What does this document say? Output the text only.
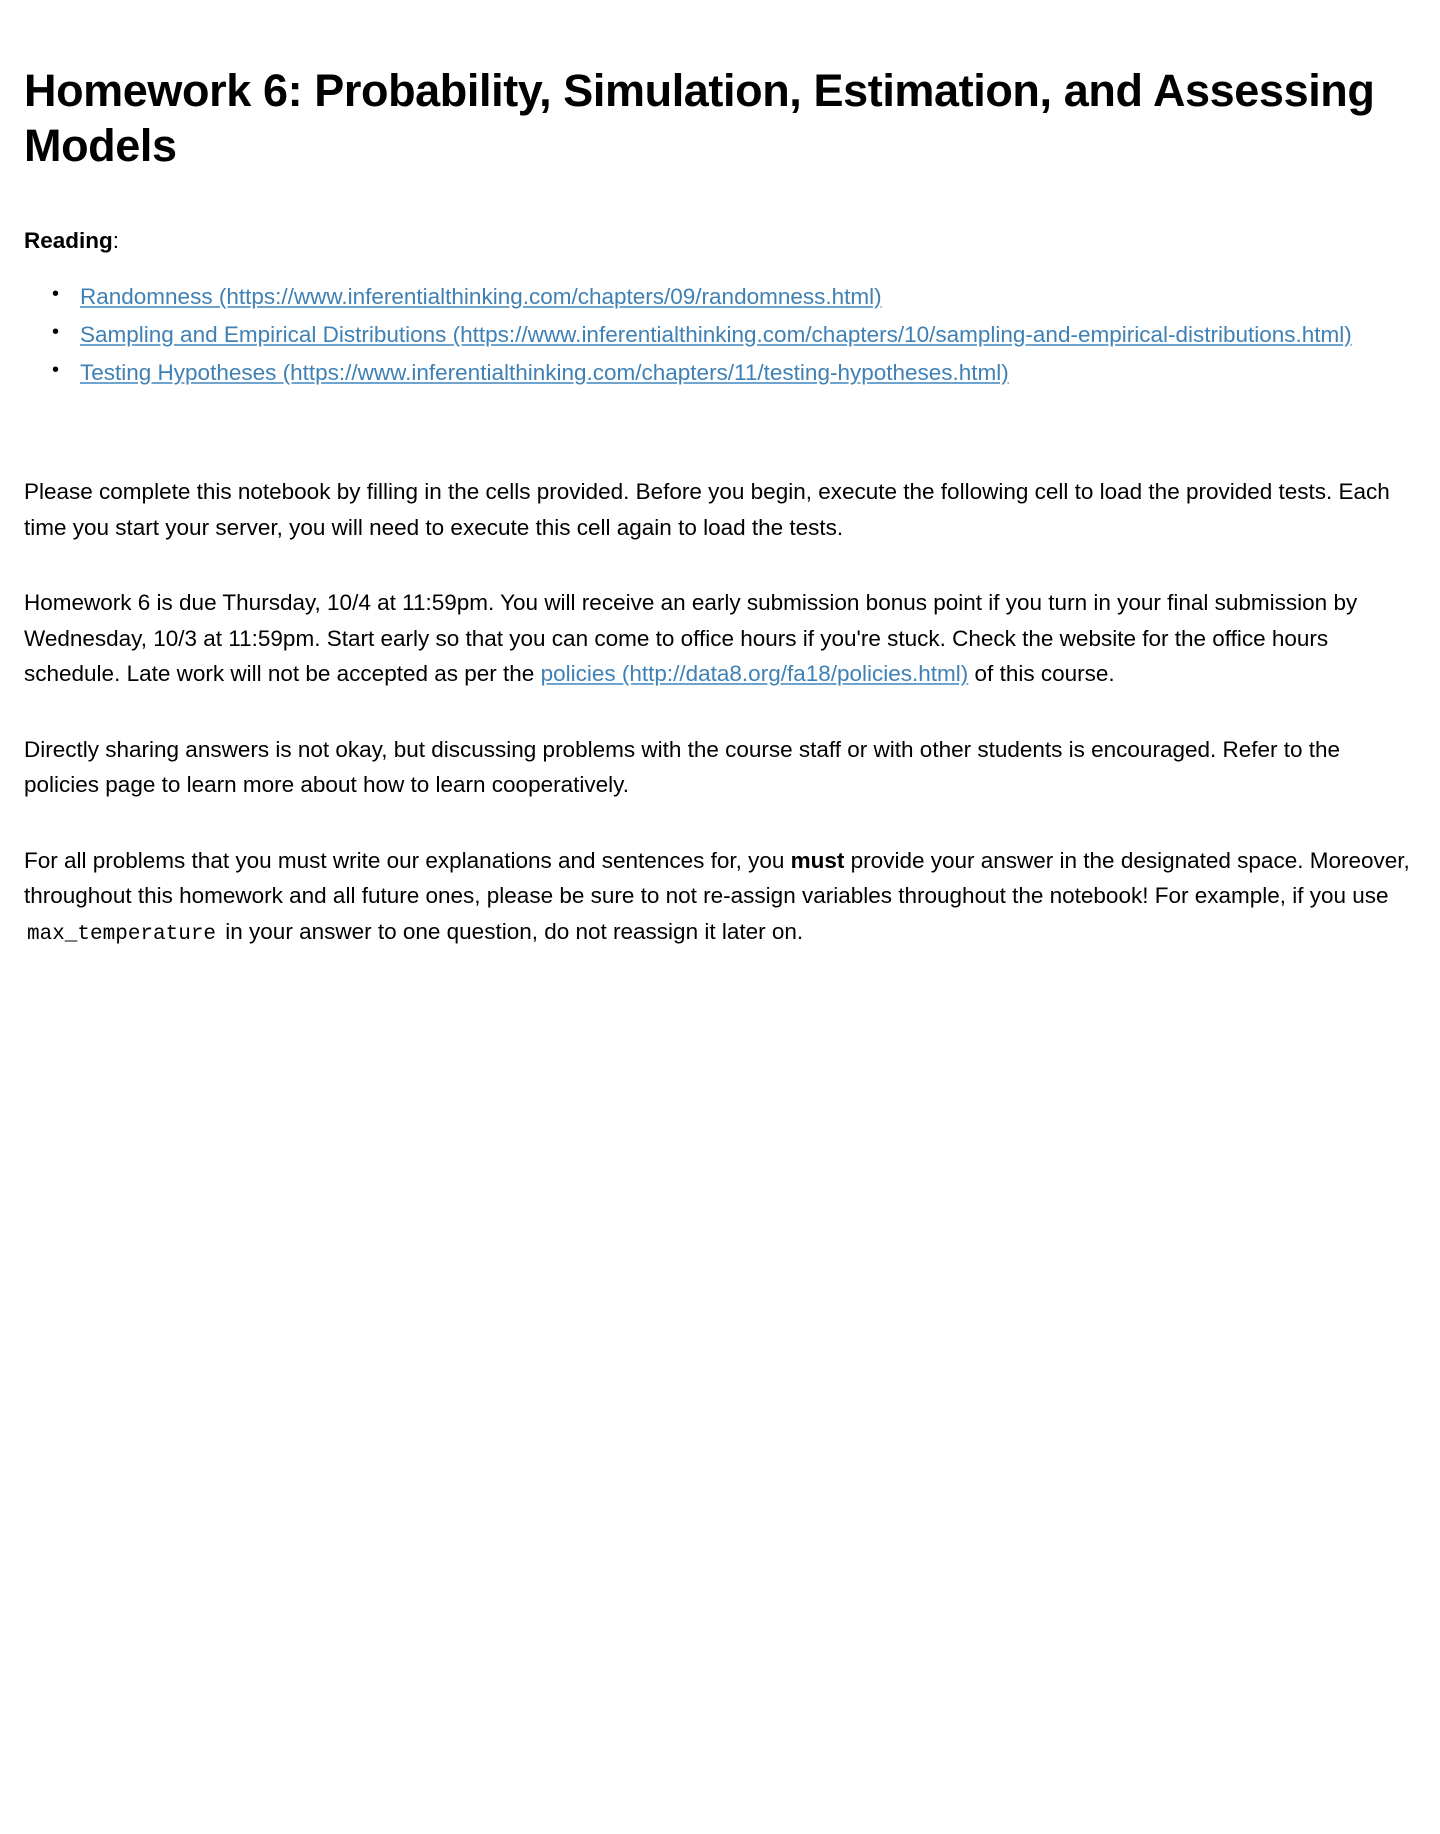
Homework 6: Probability, Simulation, Estimation, and Assessing Models

Reading:

• Randomness (https://www.inferentialthinking.com/chapters/09/randomness.html)
• Sampling and Empirical Distributions (https://www.inferentialthinking.com/chapters/10/sampling-and-empirical-distributions.html)
• Testing Hypotheses (https://www.inferentialthinking.com/chapters/11/testing-hypotheses.html)

Please complete this notebook by filling in the cells provided. Before you begin, execute the following cell to load the provided tests. Each time you start your server, you will need to execute this cell again to load the tests.

Homework 6 is due Thursday, 10/4 at 11:59pm. You will receive an early submission bonus point if you turn in your final submission by Wednesday, 10/3 at 11:59pm. Start early so that you can come to office hours if you're stuck. Check the website for the office hours schedule. Late work will not be accepted as per the policies (http://data8.org/fa18/policies.html) of this course.

Directly sharing answers is not okay, but discussing problems with the course staff or with other students is encouraged. Refer to the policies page to learn more about how to learn cooperatively.

For all problems that you must write our explanations and sentences for, you must provide your answer in the designated space. Moreover, throughout this homework and all future ones, please be sure to not re-assign variables throughout the notebook! For example, if you use max_temperature in your answer to one question, do not reassign it later on.
